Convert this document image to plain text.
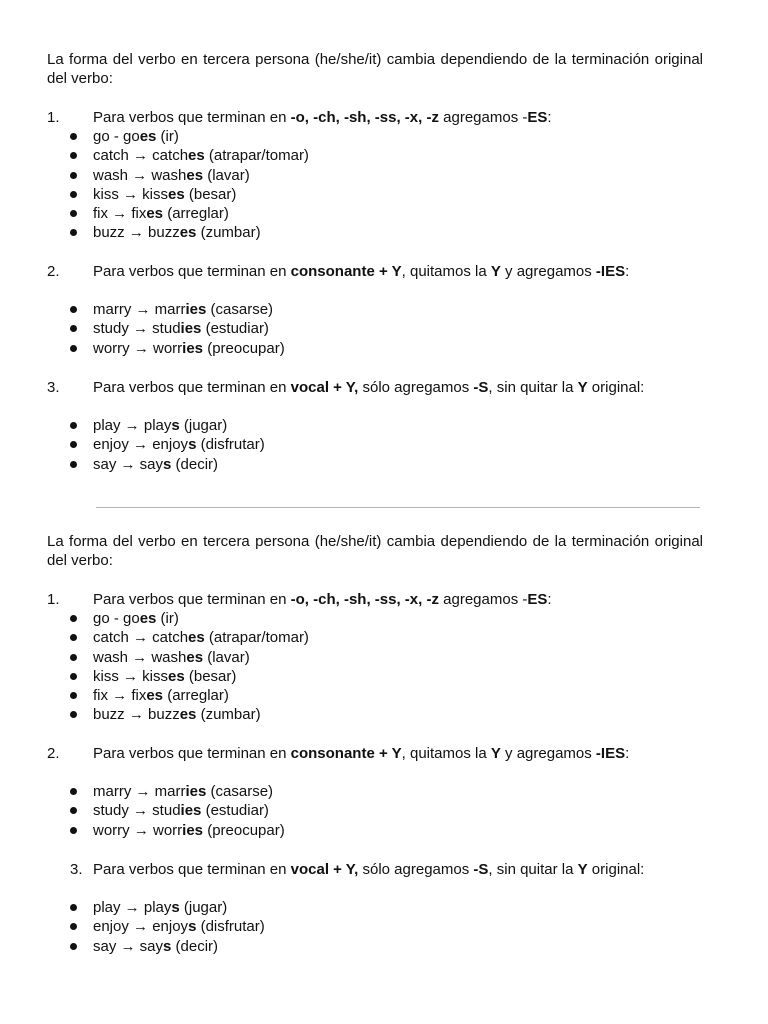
La forma del verbo en tercera persona (he/she/it) cambia dependiendo de la terminación original del verbo:

1. Para verbos que terminan en -o, -ch, -sh, -ss, -x, -z agregamos -ES:
go - goes (ir)
catch → catches (atrapar/tomar)
wash → washes (lavar)
kiss → kisses (besar)
fix → fixes (arreglar)
buzz → buzzes (zumbar)
2. Para verbos que terminan en consonante + Y, quitamos la Y y agregamos -IES:
marry → marries (casarse)
study → studies (estudiar)
worry → worries (preocupar)
3. Para verbos que terminan en vocal + Y, sólo agregamos -S, sin quitar la Y original:
play → plays (jugar)
enjoy → enjoys (disfrutar)
say → says (decir)

La forma del verbo en tercera persona (he/she/it) cambia dependiendo de la terminación original del verbo:

1. Para verbos que terminan en -o, -ch, -sh, -ss, -x, -z agregamos -ES:
go - goes (ir)
catch → catches (atrapar/tomar)
wash → washes (lavar)
kiss → kisses (besar)
fix → fixes (arreglar)
buzz → buzzes (zumbar)
2. Para verbos que terminan en consonante + Y, quitamos la Y y agregamos -IES:
marry → marries (casarse)
study → studies (estudiar)
worry → worries (preocupar)
3. Para verbos que terminan en vocal + Y, sólo agregamos -S, sin quitar la Y original:
play → plays (jugar)
enjoy → enjoys (disfrutar)
say → says (decir)
